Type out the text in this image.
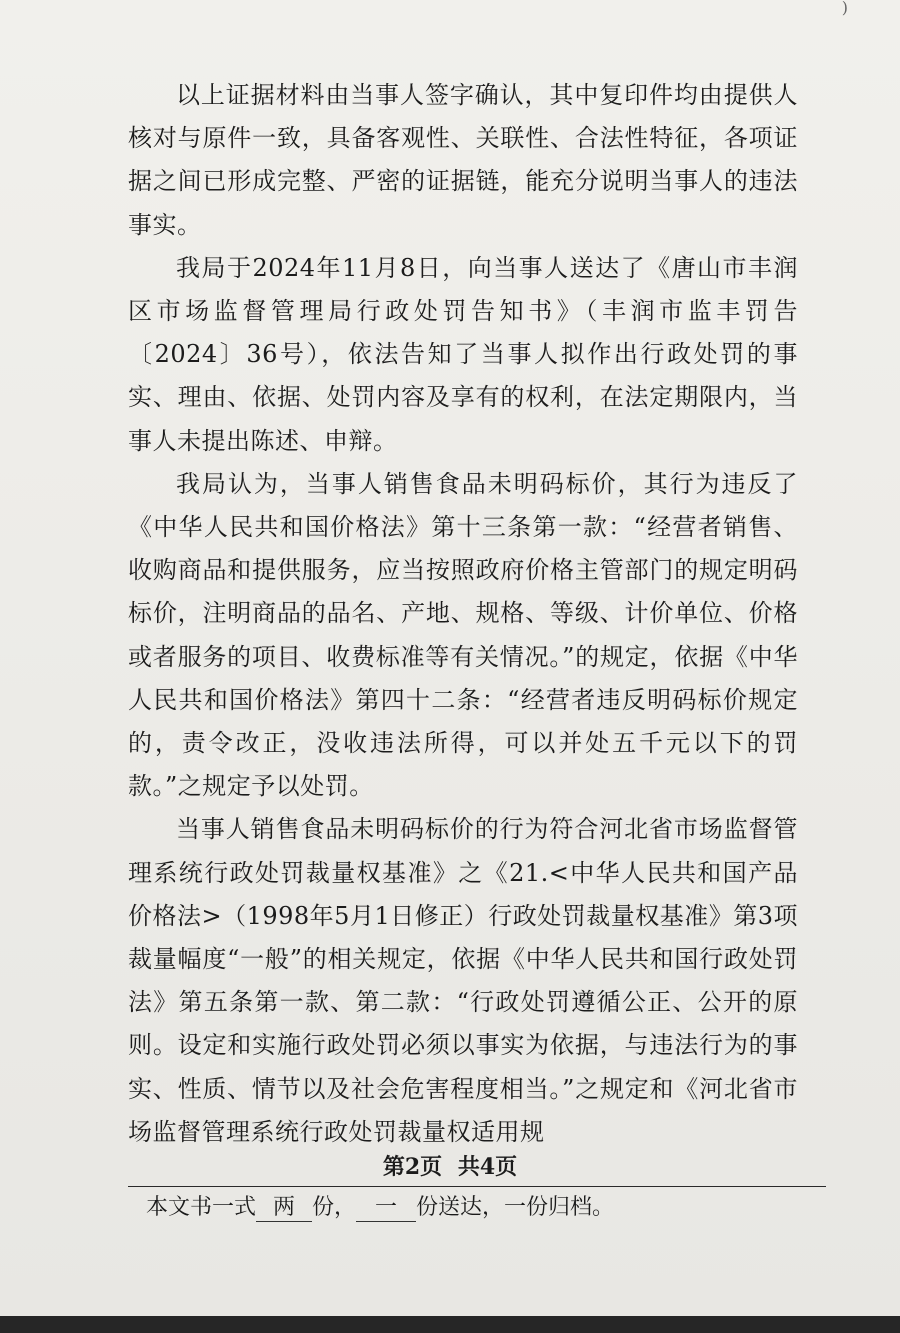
)

以上证据材料由当事人签字确认，其中复印件均由提供人核对与原件一致，具备客观性、关联性、合法性特征，各项证据之间已形成完整、严密的证据链，能充分说明当事人的违法事实。

我局于2024年11月8日，向当事人送达了《唐山市丰润区市场监督管理局行政处罚告知书》（丰润市监丰罚告〔2024〕36号），依法告知了当事人拟作出行政处罚的事实、理由、依据、处罚内容及享有的权利，在法定期限内，当事人未提出陈述、申辩。

我局认为，当事人销售食品未明码标价，其行为违反了《中华人民共和国价格法》第十三条第一款：“经营者销售、收购商品和提供服务，应当按照政府价格主管部门的规定明码标价，注明商品的品名、产地、规格、等级、计价单位、价格或者服务的项目、收费标准等有关情况。”的规定，依据《中华人民共和国价格法》第四十二条：“经营者违反明码标价规定的，责令改正，没收违法所得，可以并处五千元以下的罚款。”之规定予以处罚。

当事人销售食品未明码标价的行为符合河北省市场监督管理系统行政处罚裁量权基准》之《21.<中华人民共和国产品价格法>（1998年5月1日修正）行政处罚裁量权基准》第3项裁量幅度“一般”的相关规定，依据《中华人民共和国行政处罚法》第五条第一款、第二款：“行政处罚遵循公正、公开的原则。设定和实施行政处罚必须以事实为依据，与违法行为的事实、性质、情节以及社会危害程度相当。”之规定和《河北省市场监督管理系统行政处罚裁量权适用规

第2页 共4页
本文书一式 两 份， 一 份送达，一份归档。
